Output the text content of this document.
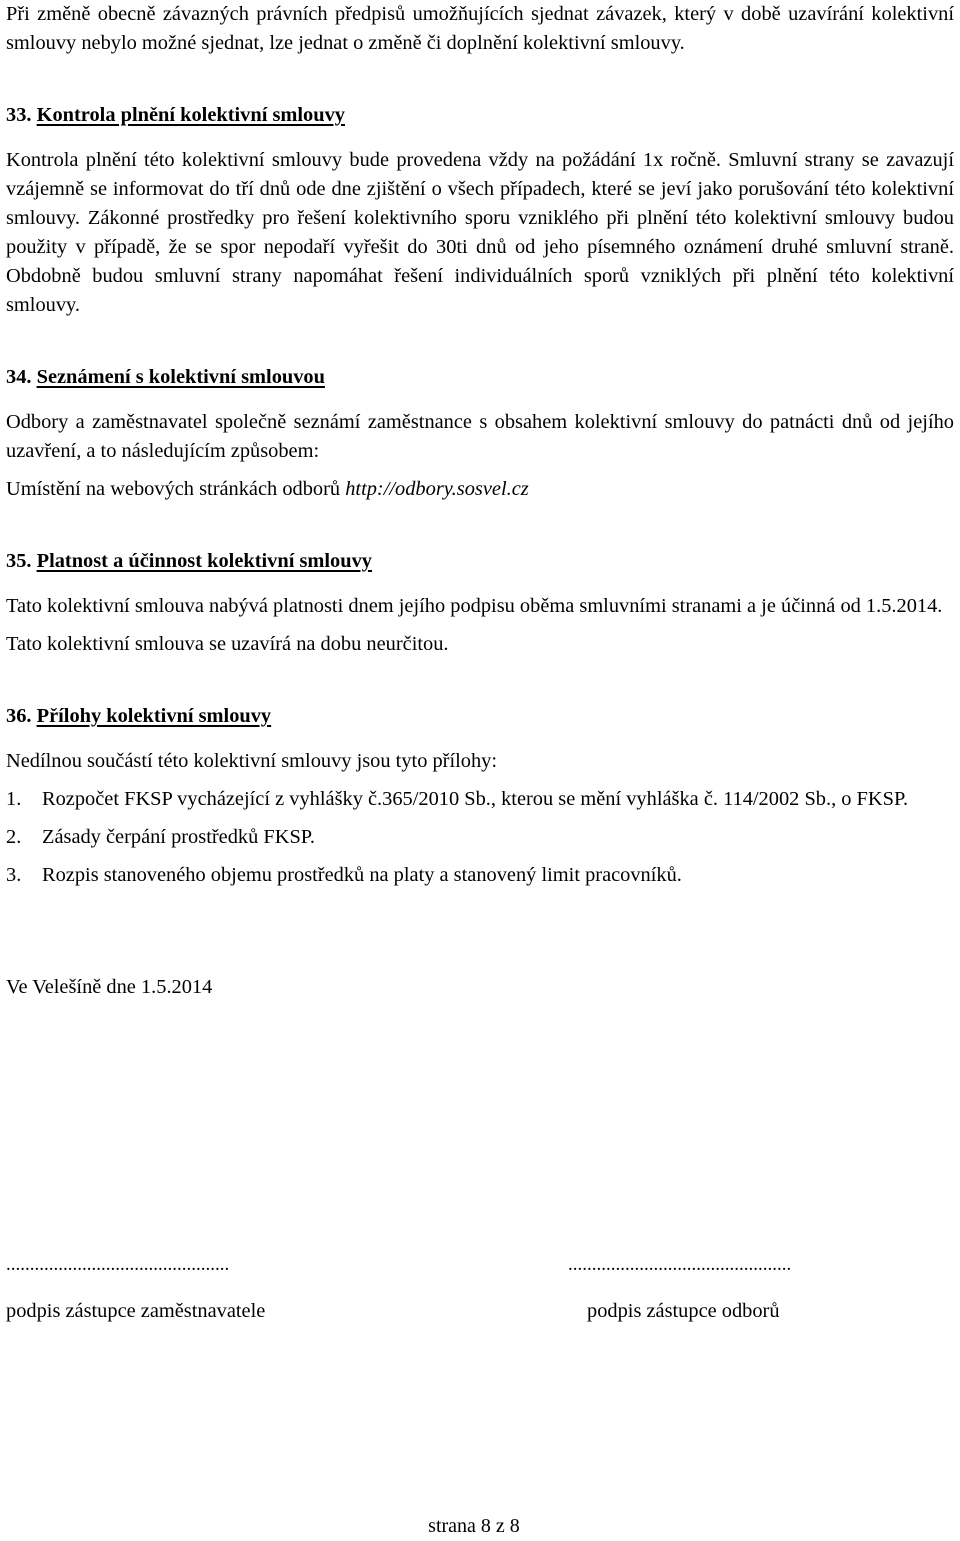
Při změně obecně závazných právních předpisů umožňujících sjednat závazek, který v době uzavírání kolektivní smlouvy nebylo možné sjednat, lze jednat o změně či doplnění kolektivní smlouvy.

33. Kontrola plnění kolektivní smlouvy

Kontrola plnění této kolektivní smlouvy bude provedena vždy na požádání 1x ročně. Smluvní strany se zavazují vzájemně se informovat do tří dnů ode dne zjištění o všech případech, které se jeví jako porušování této kolektivní smlouvy. Zákonné prostředky pro řešení kolektivního sporu vzniklého při plnění této kolektivní smlouvy budou použity v případě, že se spor nepodaří vyřešit do 30ti dnů od jeho písemného oznámení druhé smluvní straně. Obdobně budou smluvní strany napomáhat řešení individuálních sporů vzniklých při plnění této kolektivní smlouvy.

34. Seznámení s kolektivní smlouvou

Odbory a zaměstnavatel společně seznámí zaměstnance s obsahem kolektivní smlouvy do patnácti dnů od jejího uzavření, a to následujícím způsobem:

Umístění na webových stránkách odborů http://odbory.sosvel.cz

35. Platnost a účinnost kolektivní smlouvy

Tato kolektivní smlouva nabývá platnosti dnem jejího podpisu oběma smluvními stranami a je účinná od 1.5.2014.

Tato kolektivní smlouva se uzavírá na dobu neurčitou.

36. Přílohy kolektivní smlouvy

Nedílnou součástí této kolektivní smlouvy jsou tyto přílohy:

1.	Rozpočet FKSP vycházející z vyhlášky č.365/2010 Sb., kterou se mění vyhláška č. 114/2002 Sb., o FKSP.
2.	Zásady čerpání prostředků FKSP.
3.	Rozpis stanoveného objemu prostředků na platy a stanovený limit pracovníků.

Ve Velešíně dne 1.5.2014

...............................................	...............................................
podpis zástupce zaměstnavatele	podpis zástupce odborů
strana 8 z 8
